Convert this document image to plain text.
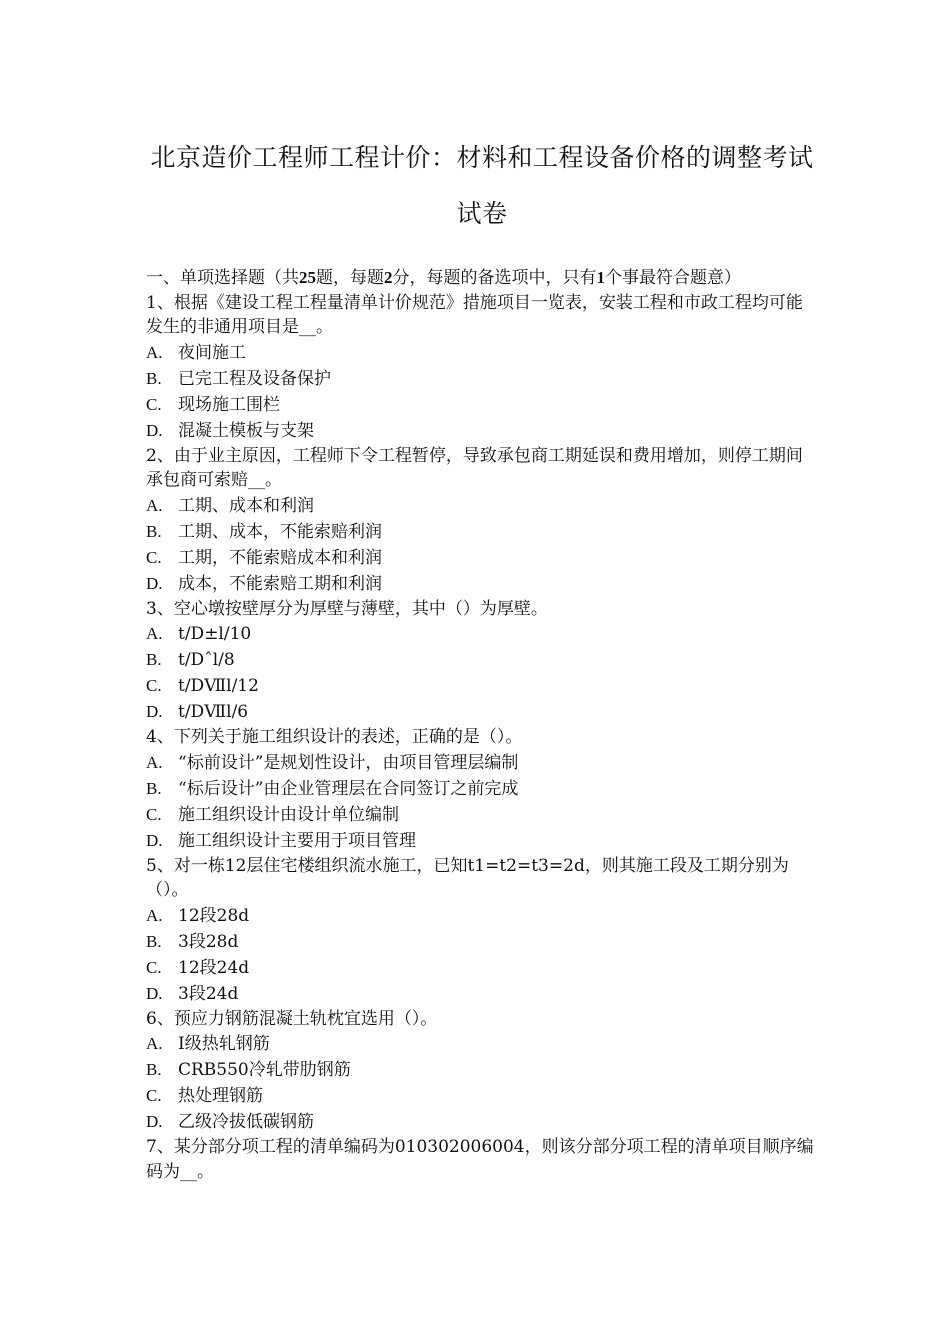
北京造价工程师工程计价：材料和工程设备价格的调整考试
试卷
一、单项选择题（共25题，每题2分，每题的备选项中，只有1个事最符合题意）
1、根据《建设工程工程量清单计价规范》措施项目一览表，安装工程和市政工程均可能发生的非通用项目是__。
A. 夜间施工
B. 已完工程及设备保护
C. 现场施工围栏
D. 混凝土模板与支架
2、由于业主原因，工程师下令工程暂停，导致承包商工期延误和费用增加，则停工期间承包商可索赔__。
A. 工期、成本和利润
B. 工期、成本，不能索赔利润
C. 工期，不能索赔成本和利润
D. 成本，不能索赔工期和利润
3、空心墩按壁厚分为厚壁与薄壁，其中（）为厚壁。
A. t/D±l/10
B. t/Dˆl/8
C. t/DⅦl/12
D. t/DⅦl/6
4、下列关于施工组织设计的表述，正确的是（）。
A. “标前设计”是规划性设计，由项目管理层编制
B. “标后设计”由企业管理层在合同签订之前完成
C. 施工组织设计由设计单位编制
D. 施工组织设计主要用于项目管理
5、对一栋12层住宅楼组织流水施工，已知t1=t2=t3=2d，则其施工段及工期分别为（）。
A. 12段28d
B. 3段28d
C. 12段24d
D. 3段24d
6、预应力钢筋混凝土轨枕宜选用（）。
A. Ⅰ级热轧钢筋
B. CRB550冷轧带肋钢筋
C. 热处理钢筋
D. 乙级冷拔低碳钢筋
7、某分部分项工程的清单编码为010302006004，则该分部分项工程的清单项目顺序编码为__。
